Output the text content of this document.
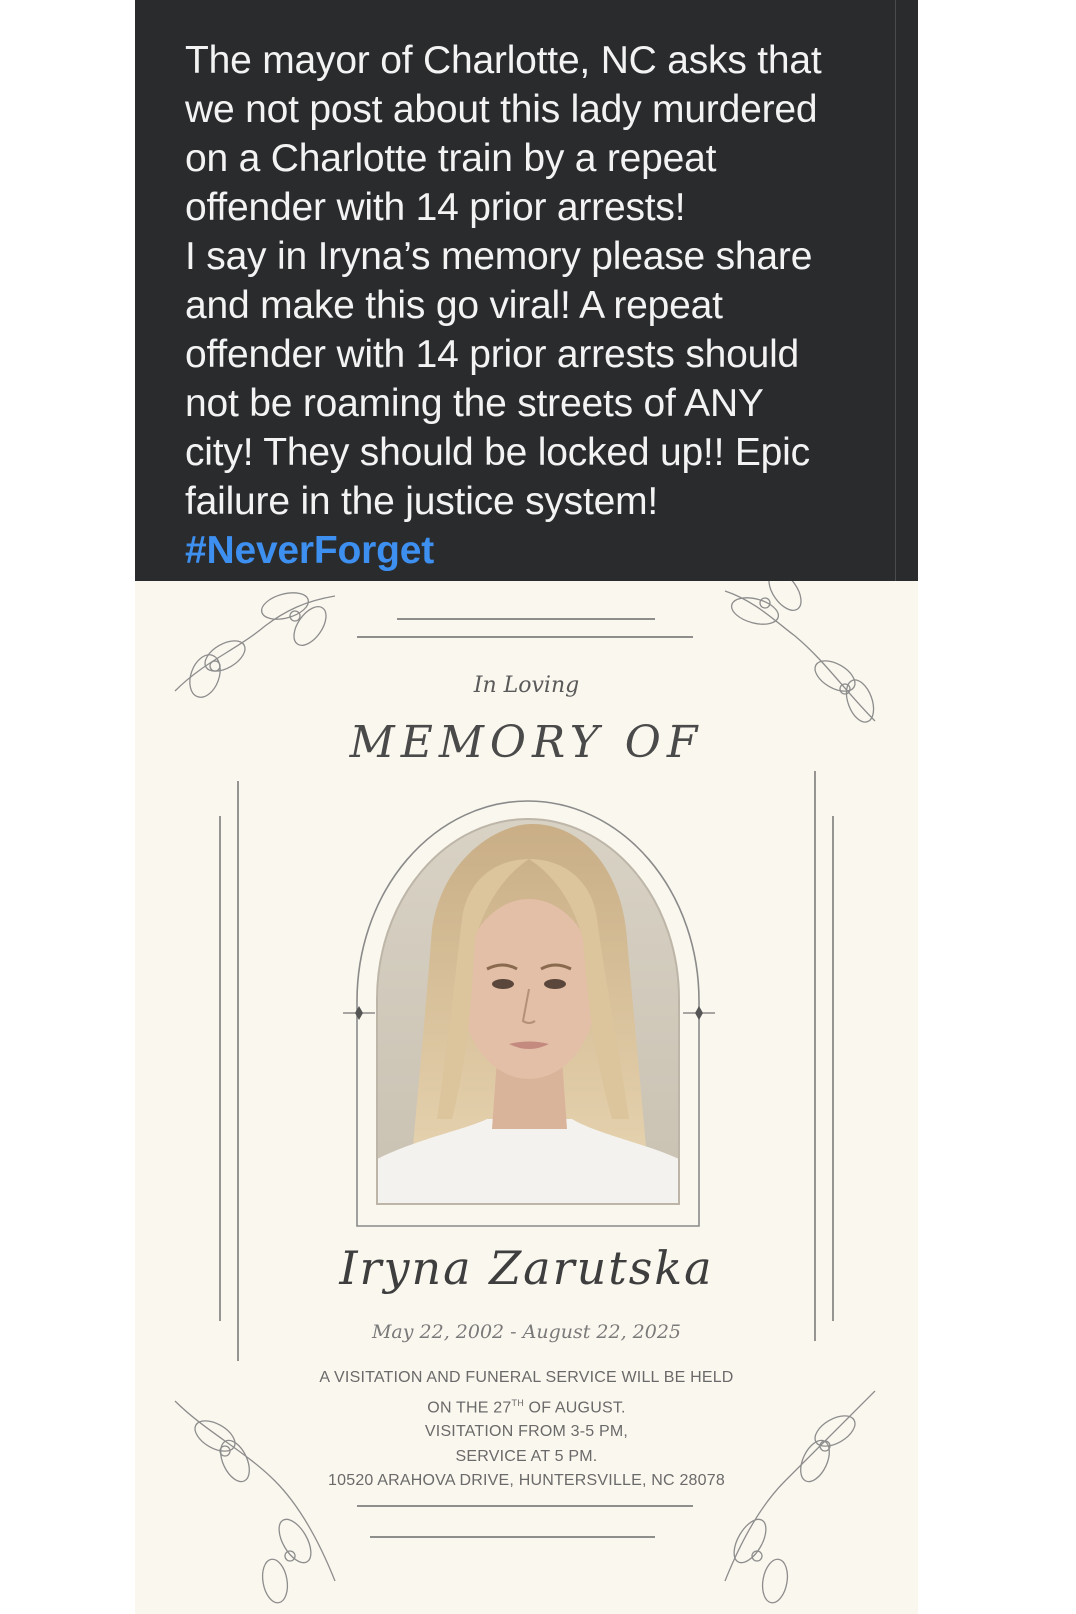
The mayor of Charlotte, NC asks that

we not post about this lady murdered

on a Charlotte train by a repeat

offender with 14 prior arrests!

I say in Iryna’s memory please share

and make this go viral! A repeat

offender with 14 prior arrests should

not be roaming the streets of ANY

city! They should be locked up!! Epic

failure in the justice system!

#NeverForget

In Loving
MEMORY OF
Iryna Zarutska
May 22, 2002 - August 22, 2025
A VISITATION AND FUNERAL SERVICE WILL BE HELD
ON THE 27TH OF AUGUST.
VISITATION FROM 3-5 PM,
SERVICE AT 5 PM.
10520 ARAHOVA DRIVE, HUNTERSVILLE, NC 28078
